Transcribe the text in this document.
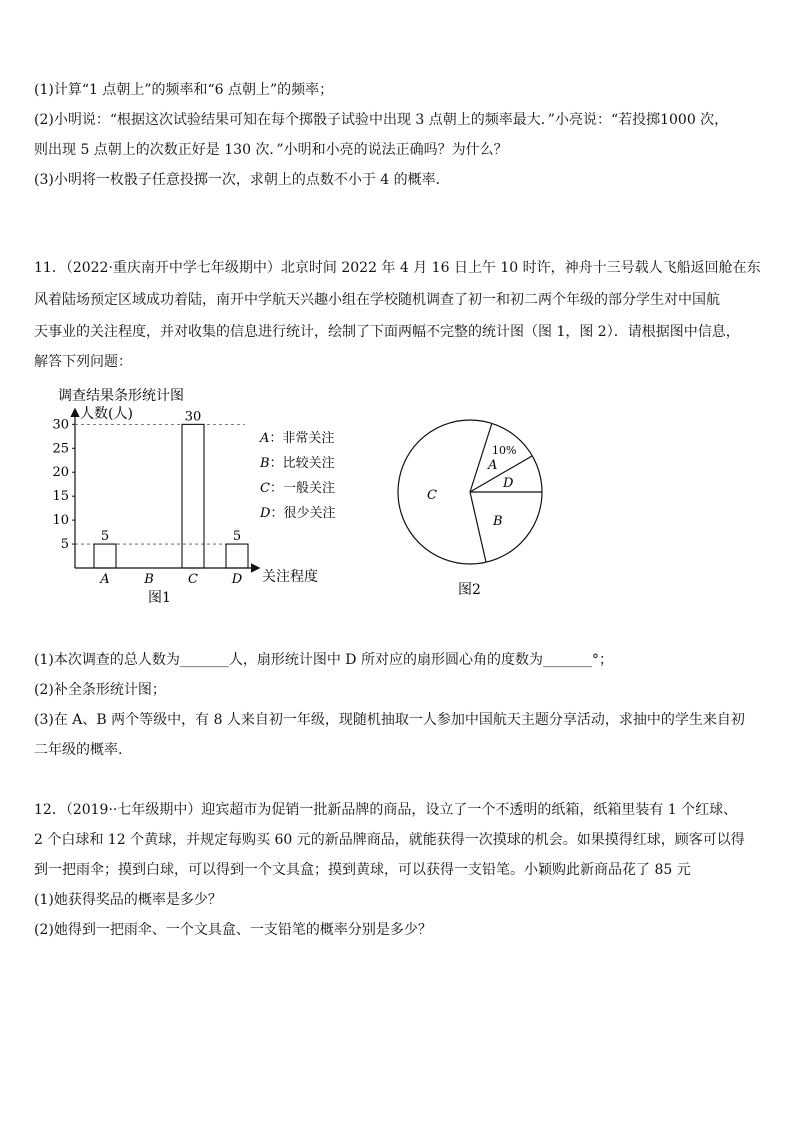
(1)计算“1 点朝上”的频率和“6 点朝上”的频率；
(2)小明说：“根据这次试验结果可知在每个掷骰子试验中出现 3 点朝上的频率最大．”小亮说：“若投掷1000 次，
则出现 5 点朝上的次数正好是 130 次．”小明和小亮的说法正确吗？为什么？
(3)小明将一枚骰子任意投掷一次，求朝上的点数不小于 4 的概率．
11．（2022·重庆南开中学七年级期中）北京时间 2022 年 4 月 16 日上午 10 时许，神舟十三号载人飞船返回舱在东
风着陆场预定区域成功着陆，南开中学航天兴趣小组在学校随机调查了初一和初二两个年级的部分学生对中国航
天事业的关注程度，并对收集的信息进行统计，绘制了下面两幅不完整的统计图（图 1，图 2）．请根据图中信息，
解答下列问题：
调查结果条形统计图
人数(人)
关注程度
5
10
15
20
25
30
5
A	B
30
C
5
D
A：非常关注
B：比较关注
C：一般关注
D：很少关注
图1
10%
A
D
B
C
图2
(1)本次调查的总人数为_______人，扇形统计图中 D 所对应的扇形圆心角的度数为_______°；
(2)补全条形统计图；
(3)在 A、B 两个等级中，有 8 人来自初一年级，现随机抽取一人参加中国航天主题分享活动，求抽中的学生来自初
二年级的概率.
12．（2019··七年级期中）迎宾超市为促销一批新品牌的商品，设立了一个不透明的纸箱，纸箱里装有 1 个红球、
2 个白球和 12 个黄球，并规定每购买 60 元的新品牌商品，就能获得一次摸球的机会。如果摸得红球，顾客可以得
到一把雨伞；摸到白球，可以得到一个文具盒；摸到黄球，可以获得一支铅笔。小颖购此新商品花了 85 元
(1)她获得奖品的概率是多少？
(2)她得到一把雨伞、一个文具盒、一支铅笔的概率分别是多少？
